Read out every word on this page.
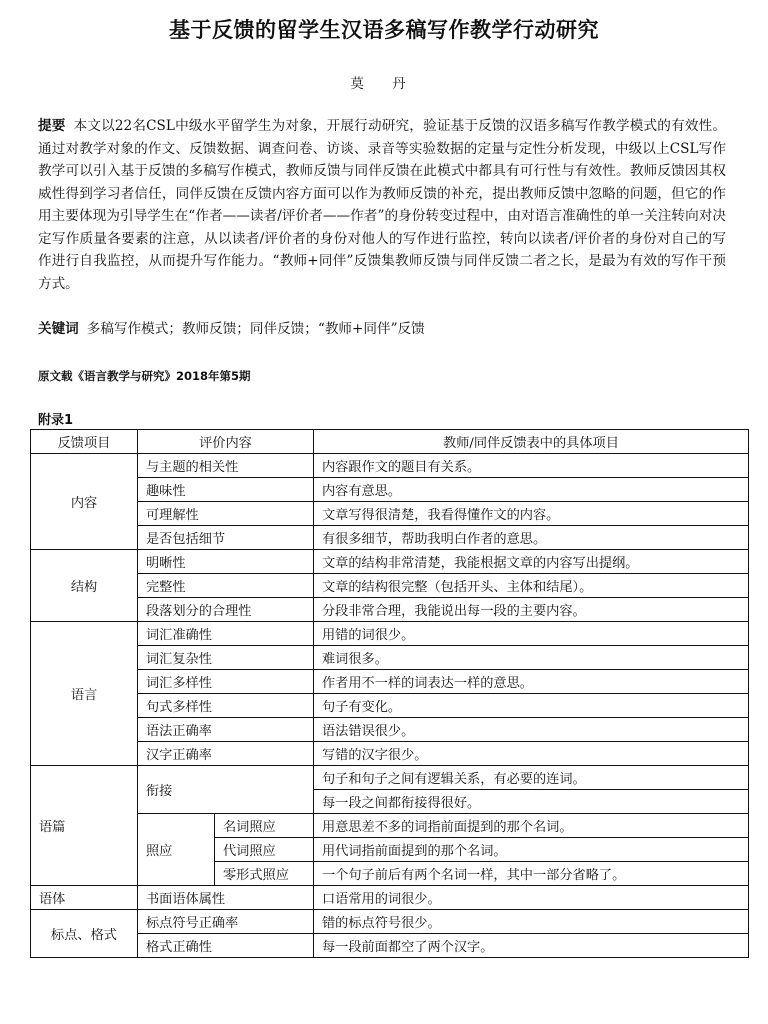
基于反馈的留学生汉语多稿写作教学行动研究
莫 丹
提要 本文以22名CSL中级水平留学生为对象，开展行动研究，验证基于反馈的汉语多稿写作教学模式的有效性。通过对教学对象的作文、反馈数据、调查问卷、访谈、录音等实验数据的定量与定性分析发现，中级以上CSL写作教学可以引入基于反馈的多稿写作模式，教师反馈与同伴反馈在此模式中都具有可行性与有效性。教师反馈因其权威性得到学习者信任，同伴反馈在反馈内容方面可以作为教师反馈的补充，提出教师反馈中忽略的问题，但它的作用主要体现为引导学生在“作者——读者/评价者——作者”的身份转变过程中，由对语言准确性的单一关注转向对决定写作质量各要素的注意，从以读者/评价者的身份对他人的写作进行监控，转向以读者/评价者的身份对自己的写作进行自我监控，从而提升写作能力。“教师+同伴”反馈集教师反馈与同伴反馈二者之长，是最为有效的写作干预方式。
关键词 多稿写作模式；教师反馈；同伴反馈；“教师+同伴”反馈
原文载《语言教学与研究》2018年第5期
附录1
反馈项目	评价内容		教师/同伴反馈表中的具体项目
内容	与主题的相关性		内容跟作文的题目有关系。
	趣味性		内容有意思。
	可理解性		文章写得很清楚，我看得懂作文的内容。
	是否包括细节		有很多细节，帮助我明白作者的意思。
结构	明晰性		文章的结构非常清楚，我能根据文章的内容写出提纲。
	完整性		文章的结构很完整（包括开头、主体和结尾）。
	段落划分的合理性		分段非常合理，我能说出每一段的主要内容。
语言	词汇准确性		用错的词很少。
	词汇复杂性		难词很多。
	词汇多样性		作者用不一样的词表达一样的意思。
	句式多样性		句子有变化。
	语法正确率		语法错误很少。
	汉字正确率		写错的汉字很少。
语篇	衔接		句子和句子之间有逻辑关系，有必要的连词。
			每一段之间都衔接得很好。
	照应	名词照应	用意思差不多的词指前面提到的那个名词。
		代词照应	用代词指前面提到的那个名词。
		零形式照应	一个句子前后有两个名词一样，其中一部分省略了。
语体	书面语体属性		口语常用的词很少。
标点、格式	标点符号正确率		错的标点符号很少。
	格式正确性		每一段前面都空了两个汉字。
